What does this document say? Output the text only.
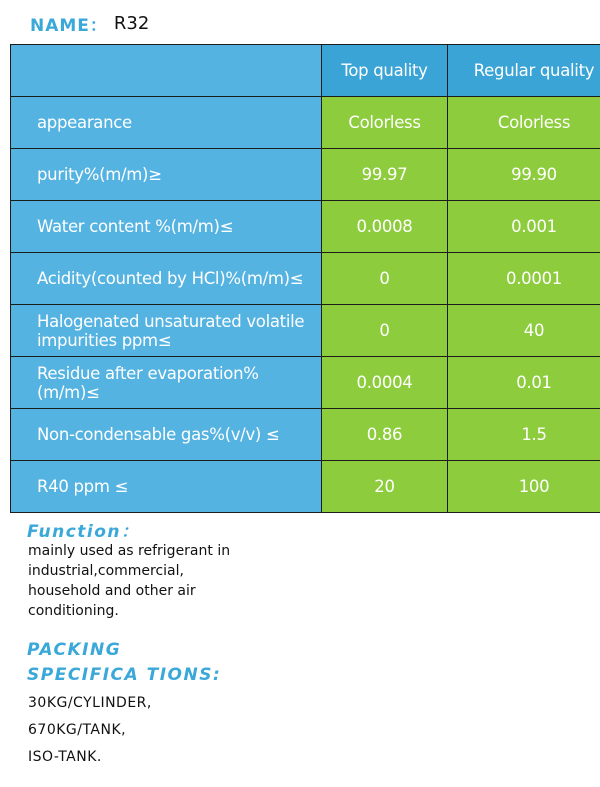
NAME： R32
	Top quality	Regular quality
appearance	Colorless	Colorless
purity%(m/m)≥	99.97	99.90
Water content %(m/m)≤	0.0008	0.001
Acidity(counted by HCl)%(m/m)≤	0	0.0001
Halogenated unsaturated volatile impurities ppm≤	0	40
Residue after evaporation%(m/m)≤	0.0004	0.01
Non-condensable gas%(v/v) ≤	0.86	1.5
R40 ppm ≤	20	100
Function：
mainly used as refrigerant in industrial,commercial, household and other air conditioning.
PACKING
SPECIFICA TIONS:
30KG/CYLINDER,
670KG/TANK,
ISO-TANK.
